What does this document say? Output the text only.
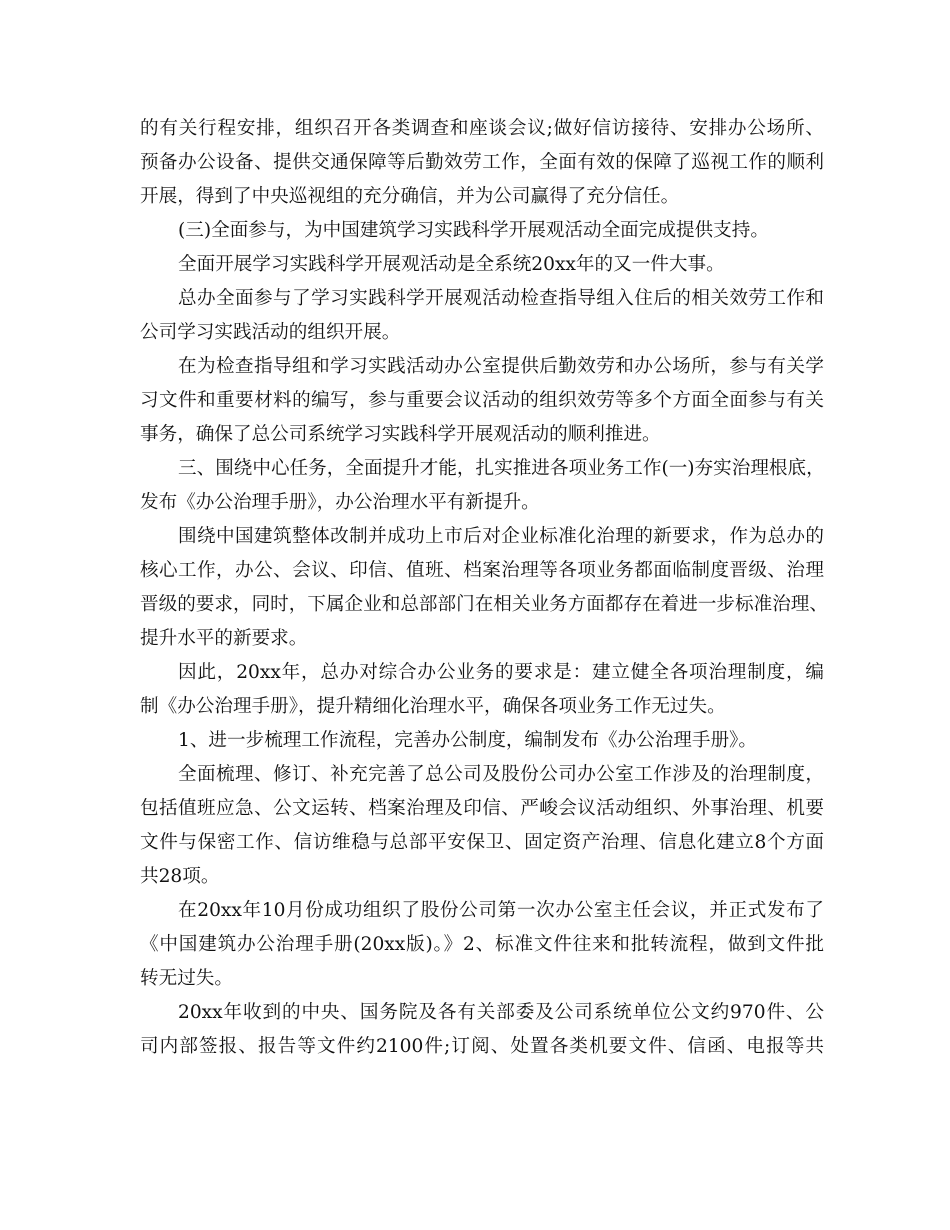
的有关行程安排，组织召开各类调查和座谈会议;做好信访接待、安排办公场所、
预备办公设备、提供交通保障等后勤效劳工作，全面有效的保障了巡视工作的顺利
开展，得到了中央巡视组的充分确信，并为公司赢得了充分信任。
(三)全面参与，为中国建筑学习实践科学开展观活动全面完成提供支持。
全面开展学习实践科学开展观活动是全系统20xx年的又一件大事。
总办全面参与了学习实践科学开展观活动检查指导组入住后的相关效劳工作和
公司学习实践活动的组织开展。
在为检查指导组和学习实践活动办公室提供后勤效劳和办公场所，参与有关学
习文件和重要材料的编写，参与重要会议活动的组织效劳等多个方面全面参与有关
事务，确保了总公司系统学习实践科学开展观活动的顺利推进。
三、围绕中心任务，全面提升才能，扎实推进各项业务工作(一)夯实治理根底，
发布《办公治理手册》，办公治理水平有新提升。
围绕中国建筑整体改制并成功上市后对企业标准化治理的新要求，作为总办的
核心工作，办公、会议、印信、值班、档案治理等各项业务都面临制度晋级、治理
晋级的要求，同时，下属企业和总部部门在相关业务方面都存在着进一步标准治理、
提升水平的新要求。
因此，20xx年，总办对综合办公业务的要求是：建立健全各项治理制度，编
制《办公治理手册》，提升精细化治理水平，确保各项业务工作无过失。
1、进一步梳理工作流程，完善办公制度，编制发布《办公治理手册》。
全面梳理、修订、补充完善了总公司及股份公司办公室工作涉及的治理制度，
包括值班应急、公文运转、档案治理及印信、严峻会议活动组织、外事治理、机要
文件与保密工作、信访维稳与总部平安保卫、固定资产治理、信息化建立8个方面
共28项。
在20xx年10月份成功组织了股份公司第一次办公室主任会议，并正式发布了
《中国建筑办公治理手册(20xx版)。》2、标准文件往来和批转流程，做到文件批
转无过失。
20xx年收到的中央、国务院及各有关部委及公司系统单位公文约970件、公
司内部签报、报告等文件约2100件;订阅、处置各类机要文件、信函、电报等共
